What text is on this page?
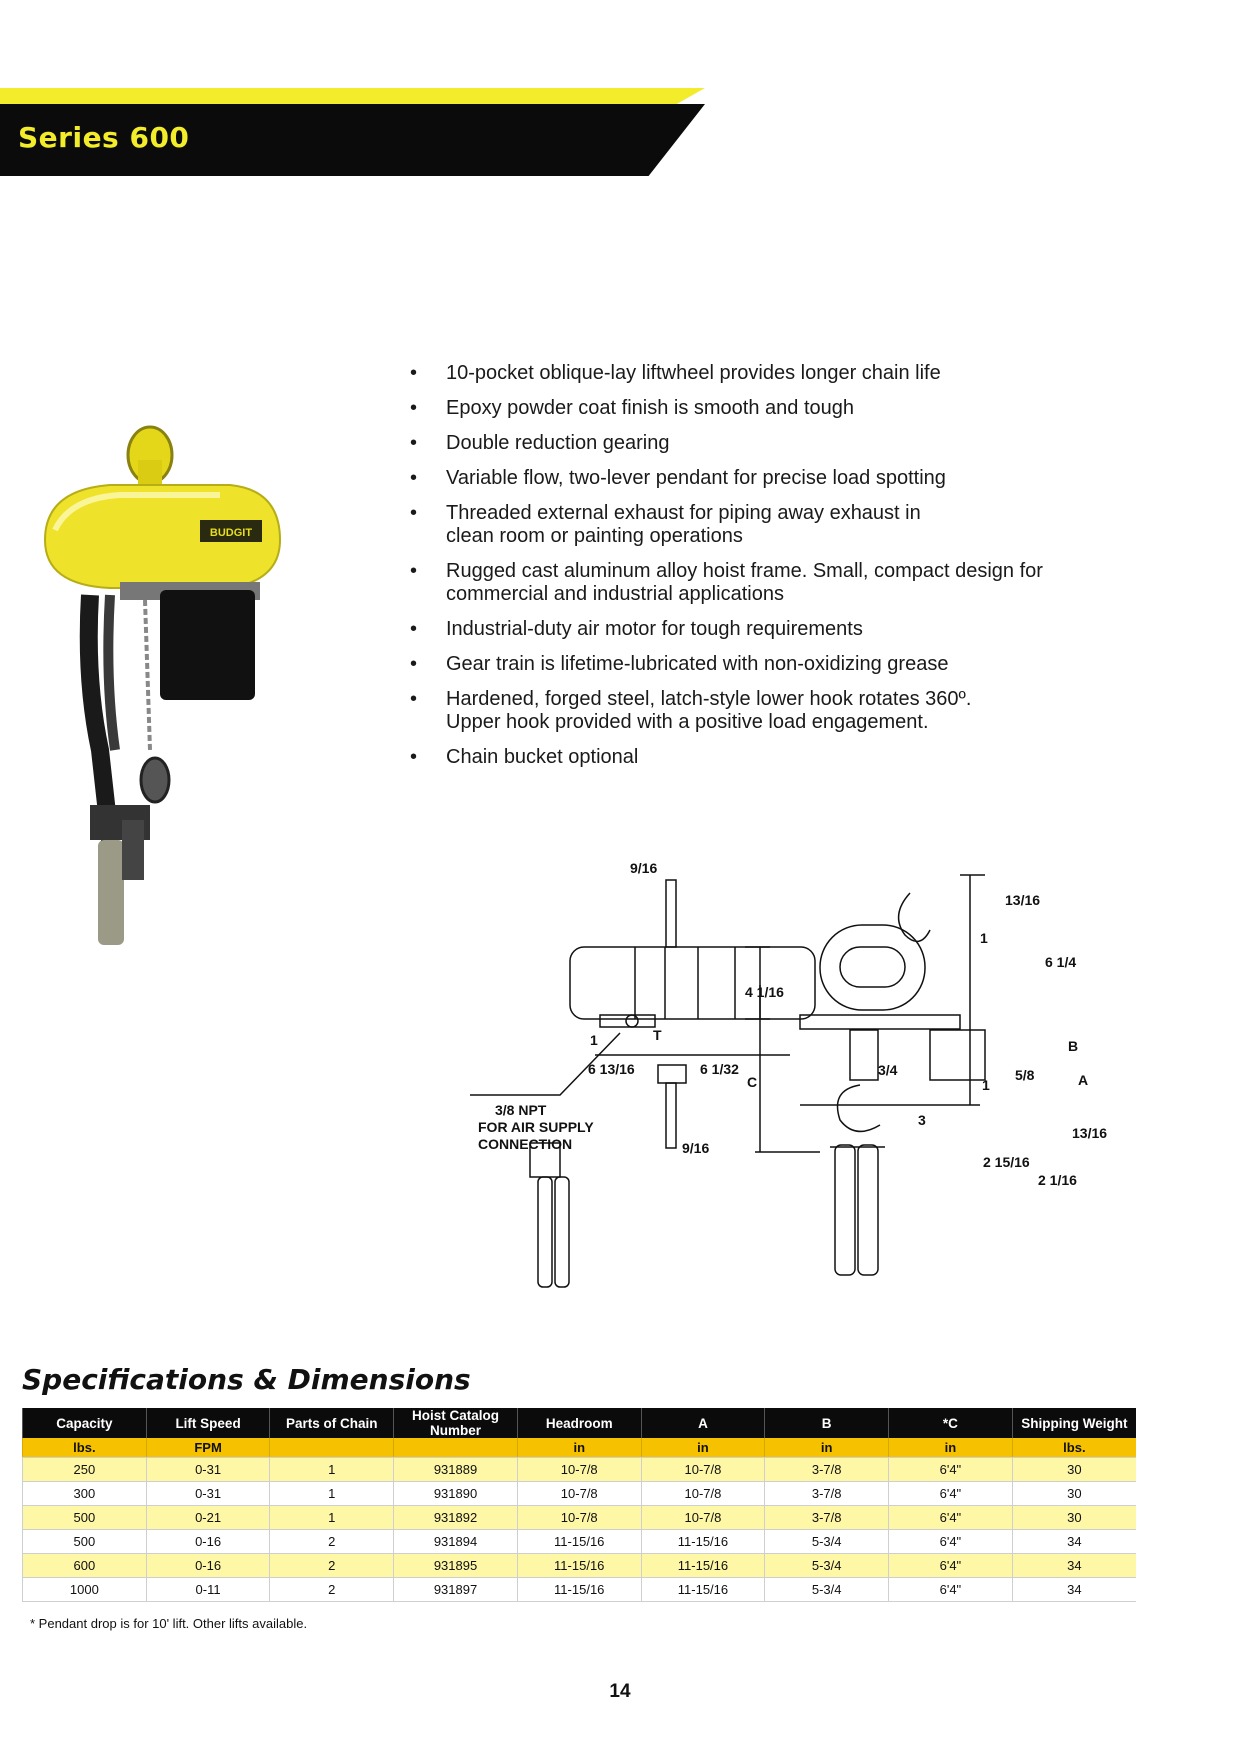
Series 600
BUDGIT
• 10-pocket oblique-lay liftwheel provides longer chain life
• Epoxy powder coat finish is smooth and tough
• Double reduction gearing
• Variable flow, two-lever pendant for precise load spotting
• Threaded external exhaust for piping away exhaust in clean room or painting operations
• Rugged cast aluminum alloy hoist frame. Small, compact design for commercial and industrial applications
• Industrial-duty air motor for tough requirements
• Gear train is lifetime-lubricated with non-oxidizing grease
• Hardened, forged steel, latch-style lower hook rotates 360º. Upper hook provided with a positive load engagement.
• Chain bucket optional
9/16
4 1/16
1	T
6 13/16	6 1/32
C
3/8 NPT
FOR AIR SUPPLY
CONNECTION	9/16
13/16
1
6 1/4
3/4
B
A
5/8
1
3
13/16
2 15/16
2 1/16
Specifications & Dimensions
Capacity	Lift Speed	Parts of Chain	Hoist Catalog Number	Headroom	A	B	*C	Shipping Weight
lbs.	FPM			in	in	in	in	lbs.
250	0-31	1	931889	10-7/8	10-7/8	3-7/8	6'4"	30
300	0-31	1	931890	10-7/8	10-7/8	3-7/8	6'4"	30
500	0-21	1	931892	10-7/8	10-7/8	3-7/8	6'4"	30
500	0-16	2	931894	11-15/16	11-15/16	5-3/4	6'4"	34
600	0-16	2	931895	11-15/16	11-15/16	5-3/4	6'4"	34
1000	0-11	2	931897	11-15/16	11-15/16	5-3/4	6'4"	34

* Pendant drop is for 10' lift. Other lifts available.

14
